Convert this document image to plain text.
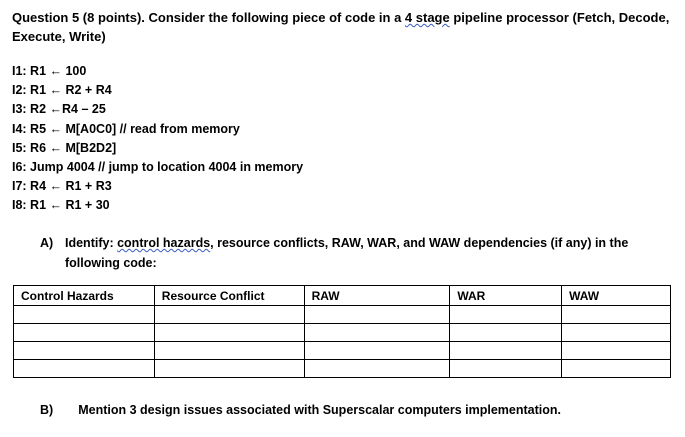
Question 5 (8 points). Consider the following piece of code in a 4 stage pipeline processor (Fetch, Decode, Execute, Write)
I1: R1 ← 100
I2: R1 ← R2 + R4
I3: R2 ←R4 – 25
I4: R5 ← M[A0C0] // read from memory
I5: R6 ← M[B2D2]
I6: Jump 4004 // jump to location 4004 in memory
I7: R4 ← R1 + R3
I8: R1 ← R1 + 30
A) Identify: control hazards, resource conflicts, RAW, WAR, and WAW dependencies (if any) in the following code:
Control Hazards	Resource Conflict	RAW	WAR	WAW

B) Mention 3 design issues associated with Superscalar computers implementation.
